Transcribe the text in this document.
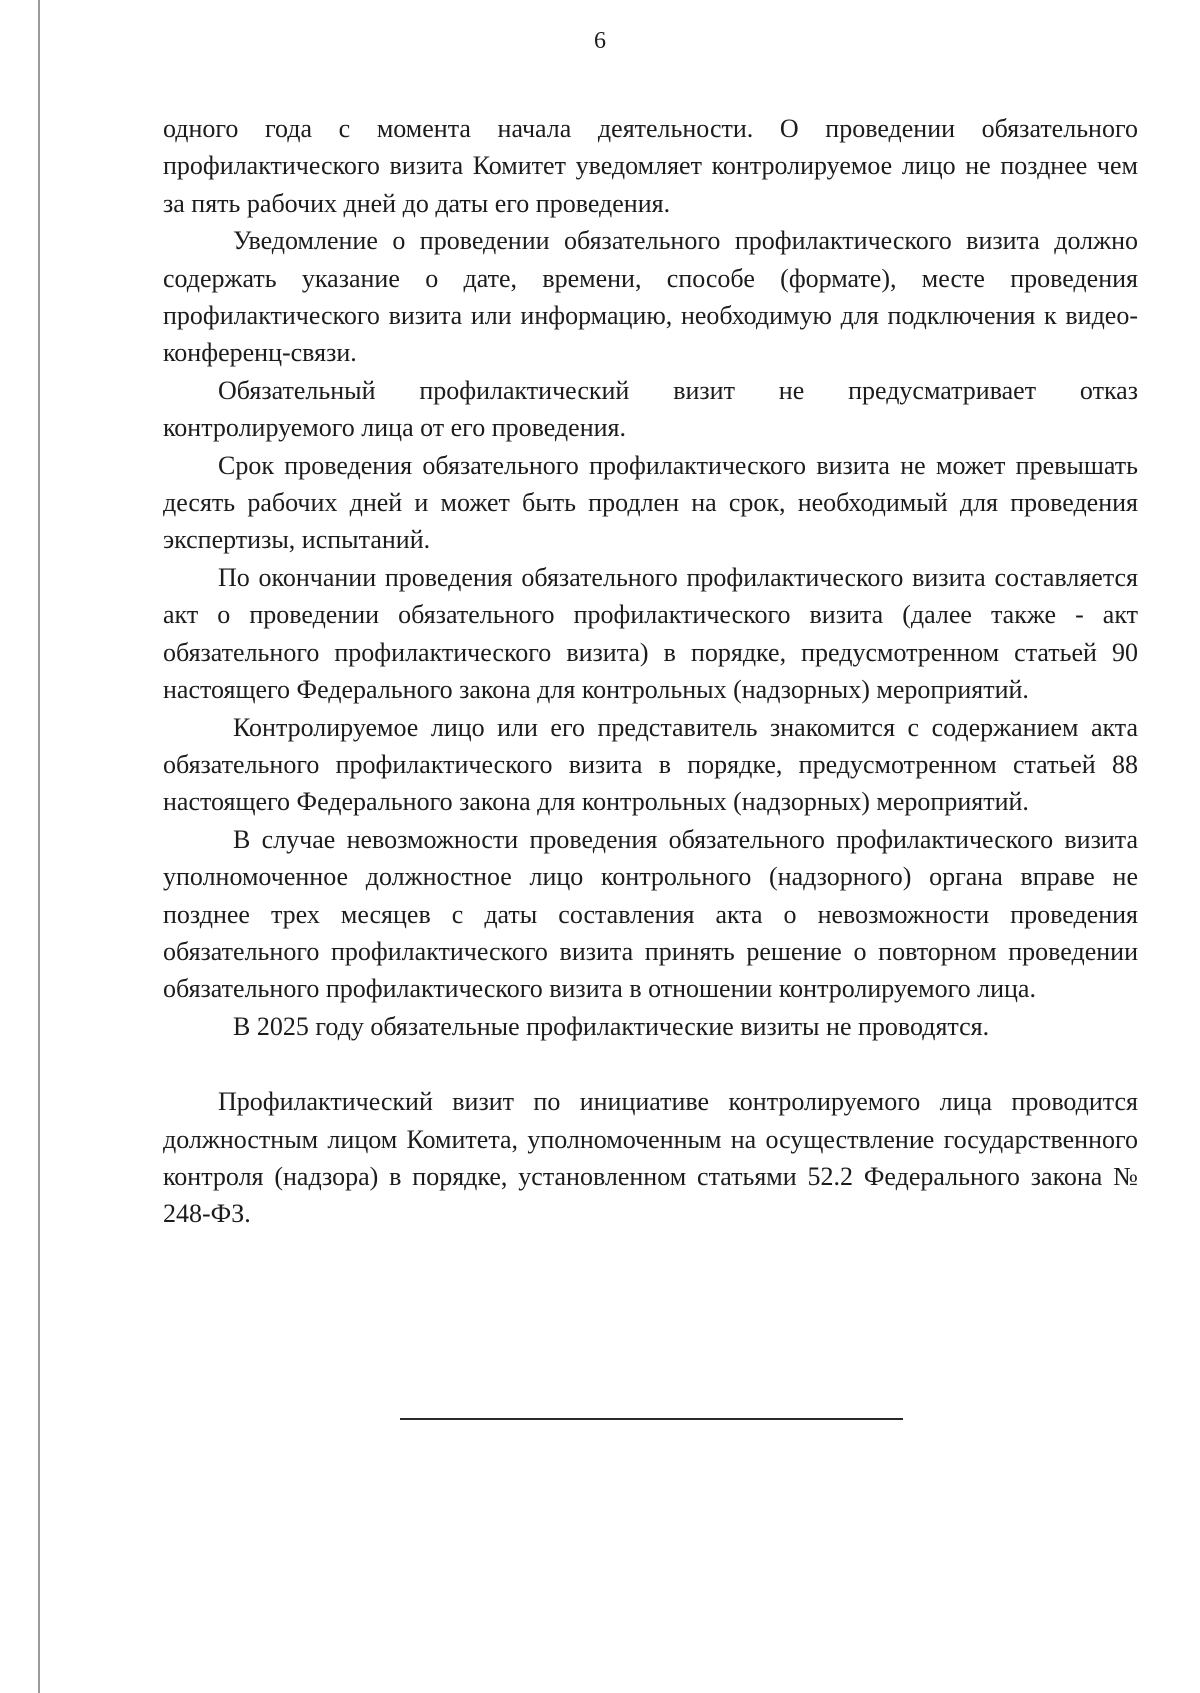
6

одного года с момента начала деятельности. О проведении обязательного профилактического визита Комитет уведомляет контролируемое лицо не позднее чем за пять рабочих дней до даты его проведения.

Уведомление о проведении обязательного профилактического визита должно содержать указание о дате, времени, способе (формате), месте проведения профилактического визита или информацию, необходимую для подключения к видео-конференц-связи.

Обязательный профилактический визит не предусматривает отказ контролируемого лица от его проведения.

Срок проведения обязательного профилактического визита не может превышать десять рабочих дней и может быть продлен на срок, необходимый для проведения экспертизы, испытаний.

По окончании проведения обязательного профилактического визита составляется акт о проведении обязательного профилактического визита (далее также - акт обязательного профилактического визита) в порядке, предусмотренном статьей 90 настоящего Федерального закона для контрольных (надзорных) мероприятий.

Контролируемое лицо или его представитель знакомится с содержанием акта обязательного профилактического визита в порядке, предусмотренном статьей 88 настоящего Федерального закона для контрольных (надзорных) мероприятий.

В случае невозможности проведения обязательного профилактического визита уполномоченное должностное лицо контрольного (надзорного) органа вправе не позднее трех месяцев с даты составления акта о невозможности проведения обязательного профилактического визита принять решение о повторном проведении обязательного профилактического визита в отношении контролируемого лица.

В 2025 году обязательные профилактические визиты не проводятся.

Профилактический визит по инициативе контролируемого лица проводится должностным лицом Комитета, уполномоченным на осуществление государственного контроля (надзора) в порядке, установленном статьями 52.2 Федерального закона № 248-ФЗ.
